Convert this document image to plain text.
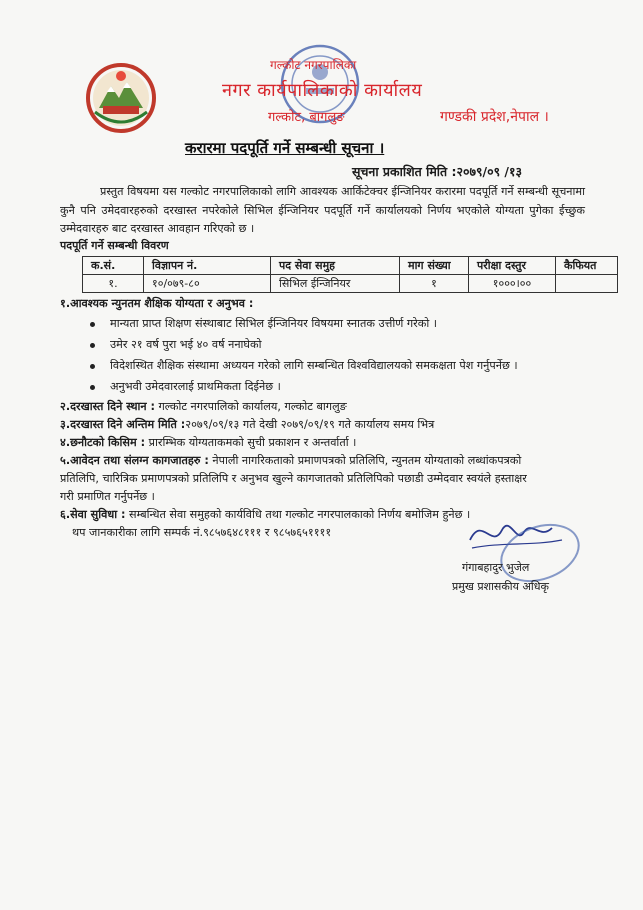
गल्कोट नगरपालिका
नगर कार्यपालिकाको कार्यालय
गल्कोट, बागलुङ	गण्डकी प्रदेश,नेपाल ।
करारमा पदपूर्ति गर्ने सम्बन्धी सूचना ।
सूचना प्रकाशित मिति :२०७९/०९ /१३
प्रस्तुत विषयमा यस गल्कोट नगरपालिकाको लागि आवश्यक आर्किटेक्चर ईन्जिनियर करारमा पदपूर्ति गर्ने सम्बन्धी सूचनामा कुनै पनि उमेदवारहरुको दरखास्त नपरेकोले सिभिल ईन्जिनियर पदपूर्ति गर्ने कार्यालयको निर्णय भएकोले योग्यता पुगेका ईच्छुक उम्मेदवारहरु बाट दरखास्त आवहान गरिएको छ ।
पदपूर्ति गर्ने सम्बन्धी विवरण
क.सं.	विज्ञापन नं.	पद सेवा समुह	माग संख्या	परीक्षा दस्तुर	कैफियत
१.	१०/०७९-८०	सिभिल ईन्जिनियर	१	१०००।००	
१.आवश्यक न्युनतम शैक्षिक योग्यता र अनुभव :
मान्यता प्राप्त शिक्षण संस्थाबाट सिभिल ईन्जिनियर विषयमा स्नातक उत्तीर्ण गरेको ।
उमेर २१ वर्ष पुरा भई ४० वर्ष ननाघेको
विदेशस्थित शैक्षिक संस्थामा अध्ययन गरेको लागि सम्बन्धित विश्वविद्यालयको समकक्षता पेश गर्नुपर्नेछ ।
अनुभवी उमेदवारलाई प्राथमिकता दिईनेछ ।
२.दरखास्त दिने स्थान : गल्कोट नगरपालिको कार्यालय, गल्कोट बागलुङ
३.दरखास्त दिने अन्तिम मिति :२०७९/०९/१३ गते देखी २०७९/०९/१९ गते कार्यालय समय भित्र
४.छनौटको किसिम : प्रारम्भिक योग्यताकमको सुची प्रकाशन र अन्तर्वार्ता ।
५.आवेदन तथा संलग्न कागजातहरु : नेपाली नागरिकताको प्रमाणपत्रको प्रतिलिपि, न्युनतम योग्यताको लब्धांकपत्रको
प्रतिलिपि, चारित्रिक प्रमाणपत्रको प्रतिलिपि र अनुभव खुल्ने कागजातको प्रतिलिपिको पछाडी उम्मेदवार स्वयंले हस्ताक्षर
गरी प्रमाणित गर्नुपर्नेछ ।
६.सेवा सुविधा : सम्बन्धित सेवा समुहको कार्यविधि तथा गल्कोट नगरपालकाको निर्णय बमोजिम हुनेछ ।
थप जानकारीका लागि सम्पर्क नं.९८५७६४८१११ र ९८५७६५११११
गंगाबहादुर भुजेल
प्रमुख प्रशासकीय अधिकृ
